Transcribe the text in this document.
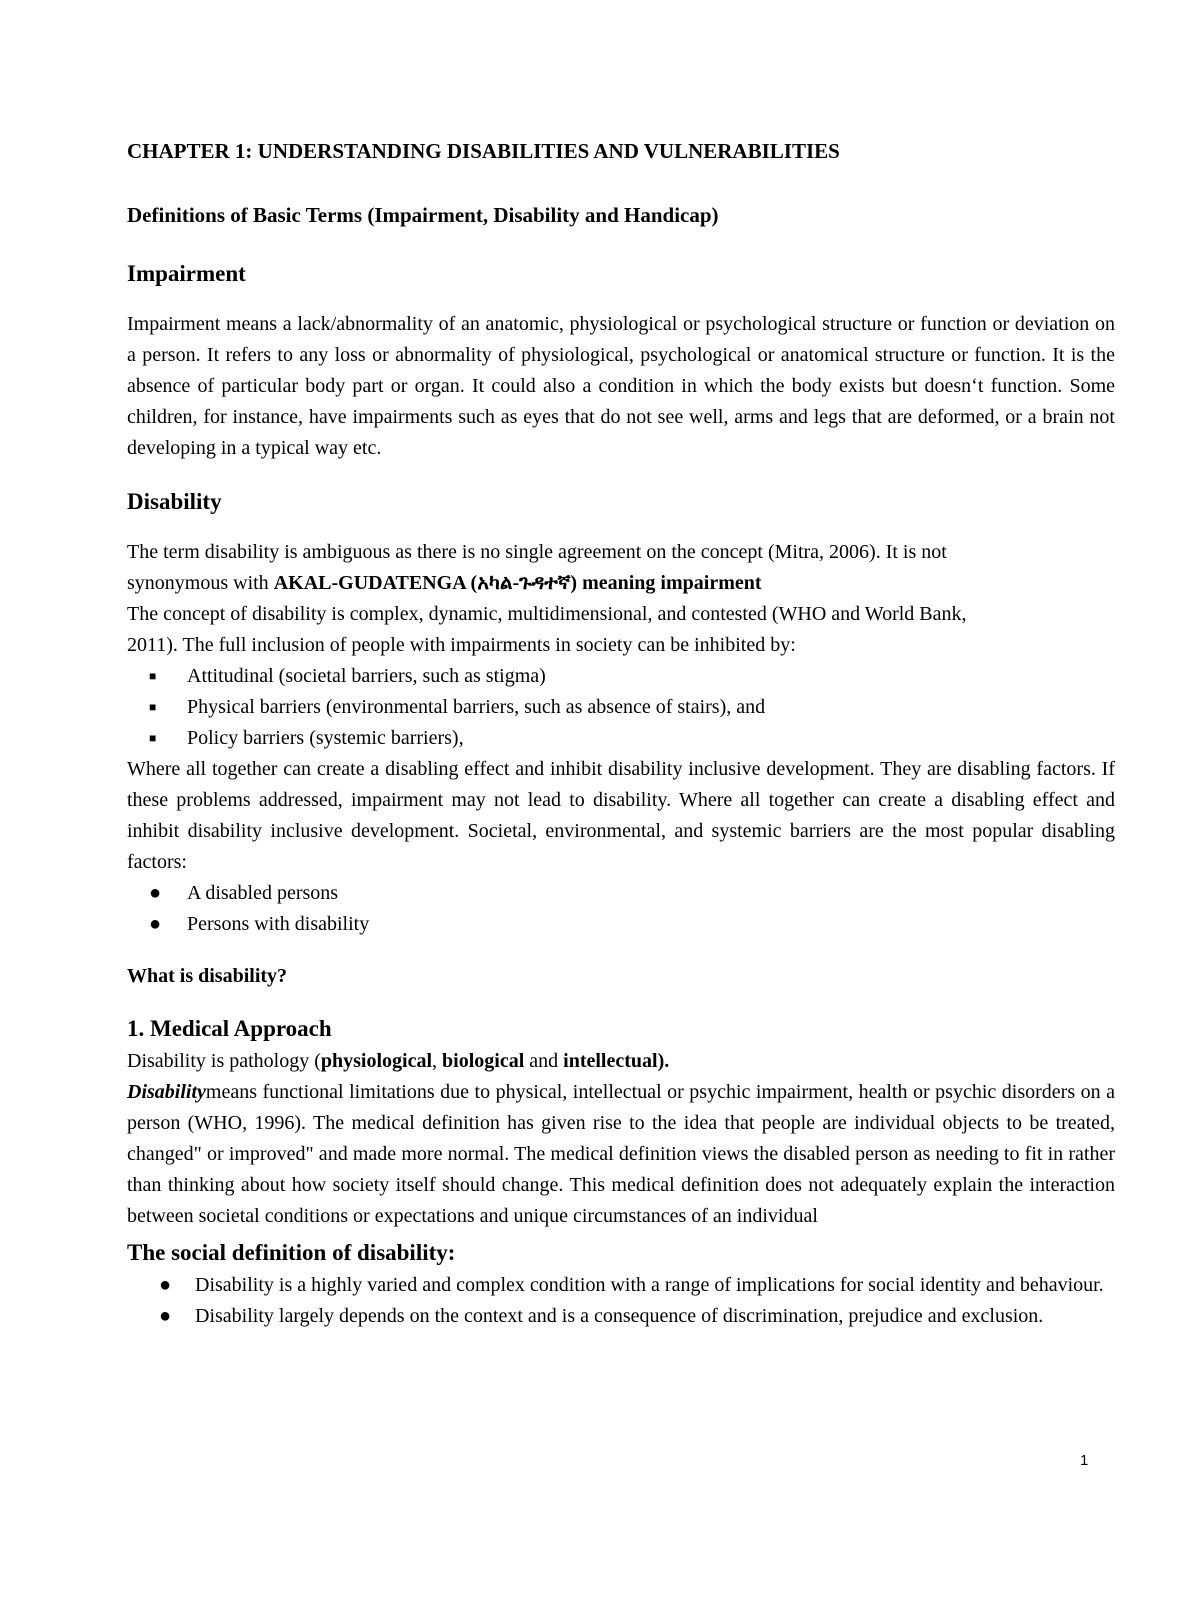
CHAPTER 1: UNDERSTANDING DISABILITIES AND VULNERABILITIES
Definitions of Basic Terms (Impairment, Disability and Handicap)
Impairment

Impairment means a lack/abnormality of an anatomic, physiological or psychological structure or function or deviation on a person. It refers to any loss or abnormality of physiological, psychological or anatomical structure or function. It is the absence of particular body part or organ. It could also a condition in which the body exists but doesn‘t function. Some children, for instance, have impairments such as eyes that do not see well, arms and legs that are deformed, or a brain not developing in a typical way etc.

Disability

The term disability is ambiguous as there is no single agreement on the concept (Mitra, 2006). It is not

synonymous with AKAL-GUDATENGA (አካል-ጉዳተኛ) meaning impairment

The concept of disability is complex, dynamic, multidimensional, and contested (WHO and World Bank,

2011). The full inclusion of people with impairments in society can be inhibited by:

■ Attitudinal (societal barriers, such as stigma)
■ Physical barriers (environmental barriers, such as absence of stairs), and
■ Policy barriers (systemic barriers),

Where all together can create a disabling effect and inhibit disability inclusive development. They are disabling factors. If these problems addressed, impairment may not lead to disability. Where all together can create a disabling effect and inhibit disability inclusive development. Societal, environmental, and systemic barriers are the most popular disabling factors:

● A disabled persons
● Persons with disability
What is disability?
1. Medical Approach

Disability is pathology (physiological, biological and intellectual).

Disabilitymeans functional limitations due to physical, intellectual or psychic impairment, health or psychic disorders on a person (WHO, 1996). The medical definition has given rise to the idea that people are individual objects to be treated, changed" or improved" and made more normal. The medical definition views the disabled person as needing to fit in rather than thinking about how society itself should change. This medical definition does not adequately explain the interaction between societal conditions or expectations and unique circumstances of an individual

The social definition of disability:
● Disability is a highly varied and complex condition with a range of implications for social identity and behaviour.
● Disability largely depends on the context and is a consequence of discrimination, prejudice and exclusion.
1
